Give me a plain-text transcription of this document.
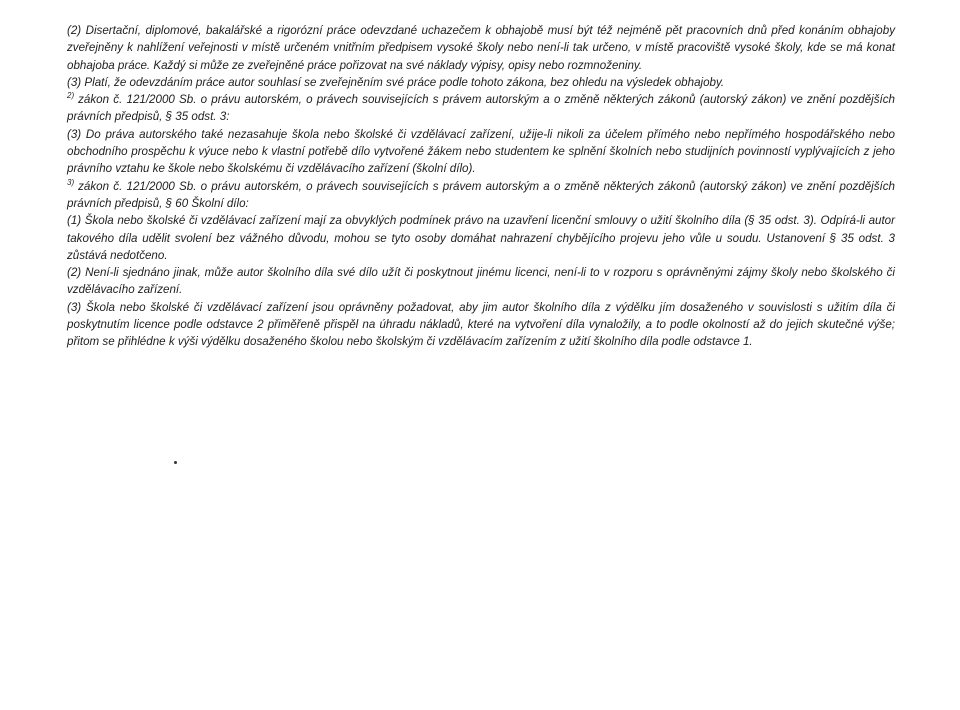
(2) Disertační, diplomové, bakalářské a rigorózní práce odevzdané uchazečem k obhajobě musí být též nejméně pět pracovních dnů před konáním obhajoby zveřejněny k nahlížení veřejnosti v místě určeném vnitřním předpisem vysoké školy nebo není-li tak určeno, v místě pracoviště vysoké školy, kde se má konat obhajoba práce. Každý si může ze zveřejněné práce pořizovat na své náklady výpisy, opisy nebo rozmnoženiny.

(3) Platí, že odevzdáním práce autor souhlasí se zveřejněním své práce podle tohoto zákona, bez ohledu na výsledek obhajoby.

$^{2)}$ zákon č. 121/2000 Sb. o právu autorském, o právech souvisejících s právem autorským a o změně některých zákonů (autorský zákon) ve znění pozdějších právních předpisů, § 35 odst. 3:

(3) Do práva autorského také nezasahuje škola nebo školské či vzdělávací zařízení, užije-li nikoli za účelem přímého nebo nepřímého hospodářského nebo obchodního prospěchu k výuce nebo k vlastní potřebě dílo vytvořené žákem nebo studentem ke splnění školních nebo studijních povinností vyplývajících z jeho právního vztahu ke škole nebo školskému či vzdělávacího zařízení (školní dílo).

$^{3)}$ zákon č. 121/2000 Sb. o právu autorském, o právech souvisejících s právem autorským a o změně některých zákonů (autorský zákon) ve znění pozdějších právních předpisů, § 60 Školní dílo:

(1) Škola nebo školské či vzdělávací zařízení mají za obvyklých podmínek právo na uzavření licenční smlouvy o užití školního díla (§ 35 odst. 3). Odpírá-li autor takového díla udělit svolení bez vážného důvodu, mohou se tyto osoby domáhat nahrazení chybějícího projevu jeho vůle u soudu. Ustanovení § 35 odst. 3 zůstává nedotčeno.

(2) Není-li sjednáno jinak, může autor školního díla své dílo užít či poskytnout jinému licenci, není-li to v rozporu s oprávněnými zájmy školy nebo školského či vzdělávacího zařízení.

(3) Škola nebo školské či vzdělávací zařízení jsou oprávněny požadovat, aby jim autor školního díla z výdělku jím dosaženého v souvislosti s užitím díla či poskytnutím licence podle odstavce 2 přiměřeně přispěl na úhradu nákladů, které na vytvoření díla vynaložily, a to podle okolností až do jejich skutečné výše; přitom se přihlédne k výši výdělku dosaženého školou nebo školským či vzdělávacím zařízením z užití školního díla podle odstavce 1.
